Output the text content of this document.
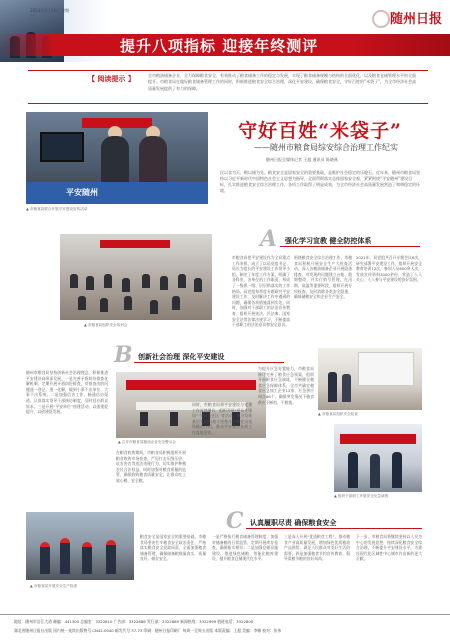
2023年2月14日 星期二	随州日报
提升八项指标 迎接年终测评
【 阅读提示 】	全市粮油储备企业，全力保障粮食安全，有效推动了粮食储备工作的稳定与发展，实现了粮食储备规模与结构的全面优化，以及粮食仓储管理水平的全面提升。市粮食局在做好粮食储备管理工作的同时，积极推进粮食安全综合治理，深化平安建设，确保粮食安全，守好百姓的“米袋子”，为全市经济社会高质量发展提供了有力的保障。
平安随州
▲ 市粮食局联合开展平安建设宣传活动
守好百姓“米袋子”
——随州市粮食局综安综合治理工作纪实
随州日报全媒体记者 王超 通讯员 陈晓燕
民以食为天，粮以储为先。粮食安全是国家安全的重要基础，是维护社会稳定的压舱石。近年来，随州市粮食局坚持以习近平新时代中国特色社会主义思想为指导，全面贯彻落实总体国家安全观，紧紧围绕“平安随州”建设目标，扎实推进粮食安全综合治理工作，各项工作取得了明显成效，为全市经济社会高质量发展营造了和谐稳定的环境。
▲ 市粮食局组织安全培训会
A 强化学习宣教 健全防控体系
市粮食局把平安建设作为全局重点工作来抓，成立了以局党组书记、局长为组长的平安建设工作领导小组，制定了年度工作方案，明确了各科室、各单位的工作职责，形成了一级抓一级、层层抓落实的工作格局。局党组每季度专题研究平安建设工作，及时解决工作中遇到的问题，确保各项措施落到实处。同时，加强对干部职工的法治宣传教育，组织开展宪法、民法典、国家安全法等法律法规学习，不断提高干部职工的法治意识和安全意识。
围绕粮食安全综合治理工作，市粮食局积极开展安全生产大检查活动，深入各粮油储备企业开展隐患排查，对发现的问题建立台账、限期整改，并实行销号管理。在汛期、高温等重要时段，组织开展专项检查，及时消除各类安全隐患，确保储粮安全和企业生产安全。
2022年，局党组共召开专题会议6次，研究部署平安建设工作，组织开展安全教育培训12次，参训人员600余人次，发放宣传资料3000余份，营造了人人关心、人人参与平安建设的良好氛围。
B 创新社会治理 深化平安建设
随州市粮食局坚持创新社会治理理念，积极推进平安建设向纵深发展。一是完善矛盾纠纷排查化解机制，定期开展矛盾纠纷排查，对排查出的问题逐一登记、逐一化解，做到小事不出单位、大事不出系统。二是加强信访工作，畅通信访渠道，认真落实领导干部接访制度，及时回应群众诉求。三是开展“平安单位”创建活动，以创建促提升，以创建促发展。
▲ 召开市粮食局粮油企业安全警示会
在粮食收购期间，市粮食局积极组织开展粮食收购市场检查，严厉打击压级压价、坑农害农等违法违规行为，切实维护种粮农民合法权益。同时加强对粮食质量的监管，确保收购粮食质量安全，让群众吃上放心粮、安全粮。
同时，市粮食局将平安建设与党建工作深度融合，组织开展“党员先锋岗”“党员责任区”等活动，充分发挥基层党组织战斗堡垒作用和党员先锋模范作用，推动平安建设各项工作落地见效。
为提升应急处置能力，市粮食局修订完善了粮食应急预案，组织开展粮食应急演练，不断健全粮食应急保障体系，全市共确定粮食应急加工企业12家、应急供应网点86个，确保突发情况下粮食供应不断档、不脱销。
▲ 市粮食局组织安全检查
▲ 组织干部职工开展安全应急演练
C 认真履职尽责 确保粮食安全
▲ 市粮食局开展安全生产检查
粮食安全是国家安全的重要基础。市粮食局坚决扛牢粮食安全政治责任，严格落实粮食安全党政同责，全面加强粮食储备管理，确保储备粮数量真实、质量良好、储存安全。
一是严格执行粮食储备管理制度，加强对储备粮的日常监管，定期开展库存检查，确保账实相符；二是加强仓储设施建设，推进绿色储粮、智能化粮库建设，提升粮食仓储现代化水平。
三是深入开展“优质粮食工程”，推动粮食产业高质量发展，增加绿色优质粮油产品供给，满足人民群众对美好生活的需要。四是加强粮食节约宣传教育，倡导爱粮节粮的良好风尚。
下一步，市粮食局将继续坚持以人民为中心的发展思想，持续深化粮食安全综合治理，不断提升平安建设水平，为建设现代化区域性中心城市作出新的更大贡献。
地址：随州市沿江大道 邮编：441300 总编室：3322810 广告部：3322888 发行部：3322889 新闻热线：3322999 值班电话：3322800
湖北省随州日报社出版 国内统一连续出版物号 CN42-0040 邮发代号 37-73 印刷：随州日报印刷厂 每周一至周五出版 本版责编：王超 美编：李娜 校对：张伟
